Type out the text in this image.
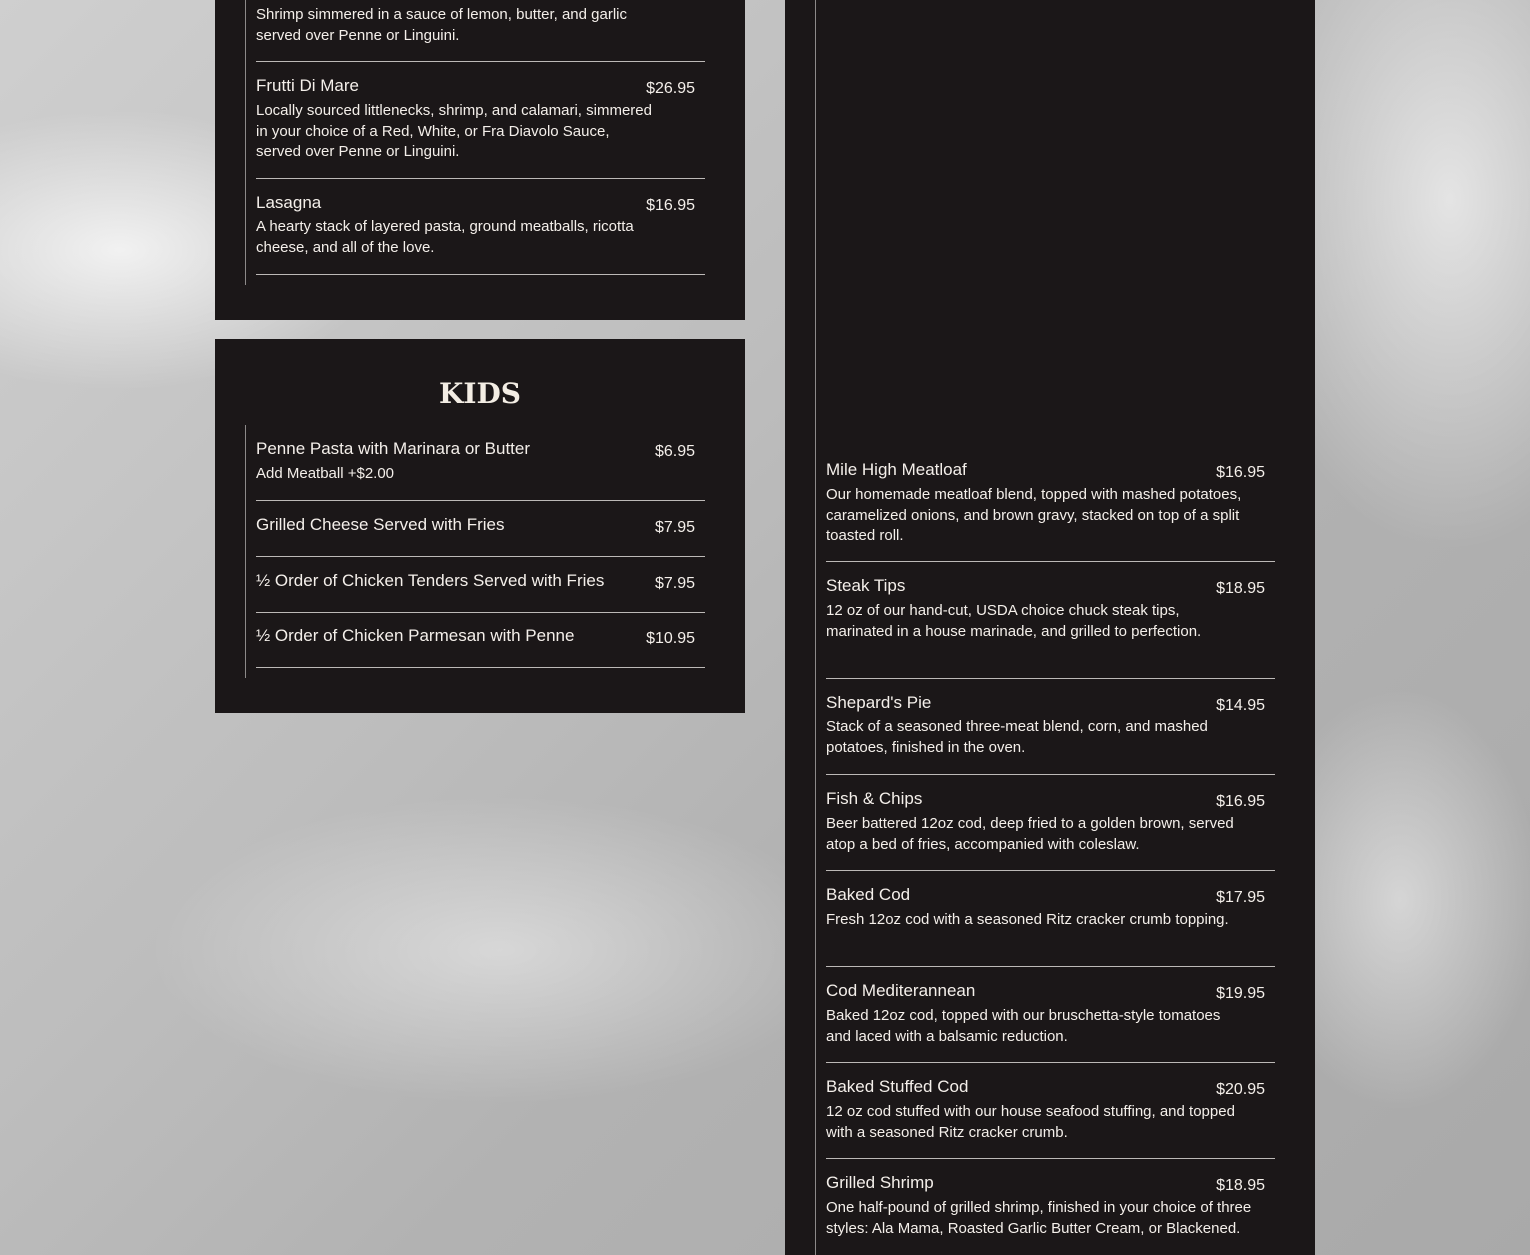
Shrimp simmered in a sauce of lemon, butter, and garlic served over Penne or Linguini.
Frutti Di Mare	$26.95
Locally sourced littlenecks, shrimp, and calamari, simmered in your choice of a Red, White, or Fra Diavolo Sauce, served over Penne or Linguini.
Lasagna	$16.95
A hearty stack of layered pasta, ground meatballs, ricotta cheese, and all of the love.
KIDS
Penne Pasta with Marinara or Butter	$6.95
Add Meatball +$2.00
Grilled Cheese Served with Fries	$7.95
½ Order of Chicken Tenders Served with Fries	$7.95
½ Order of Chicken Parmesan with Penne	$10.95
Mile High Meatloaf	$16.95
Our homemade meatloaf blend, topped with mashed potatoes, caramelized onions, and brown gravy, stacked on top of a split toasted roll.
Steak Tips	$18.95
12 oz of our hand-cut, USDA choice chuck steak tips, marinated in a house marinade, and grilled to perfection.
Shepard's Pie	$14.95
Stack of a seasoned three-meat blend, corn, and mashed potatoes, finished in the oven.
Fish & Chips	$16.95
Beer battered 12oz cod, deep fried to a golden brown, served atop a bed of fries, accompanied with coleslaw.
Baked Cod	$17.95
Fresh 12oz cod with a seasoned Ritz cracker crumb topping.
Cod Mediterannean	$19.95
Baked 12oz cod, topped with our bruschetta-style tomatoes and laced with a balsamic reduction.
Baked Stuffed Cod	$20.95
12 oz cod stuffed with our house seafood stuffing, and topped with a seasoned Ritz cracker crumb.
Grilled Shrimp	$18.95
One half-pound of grilled shrimp, finished in your choice of three styles: Ala Mama, Roasted Garlic Butter Cream, or Blackened.
